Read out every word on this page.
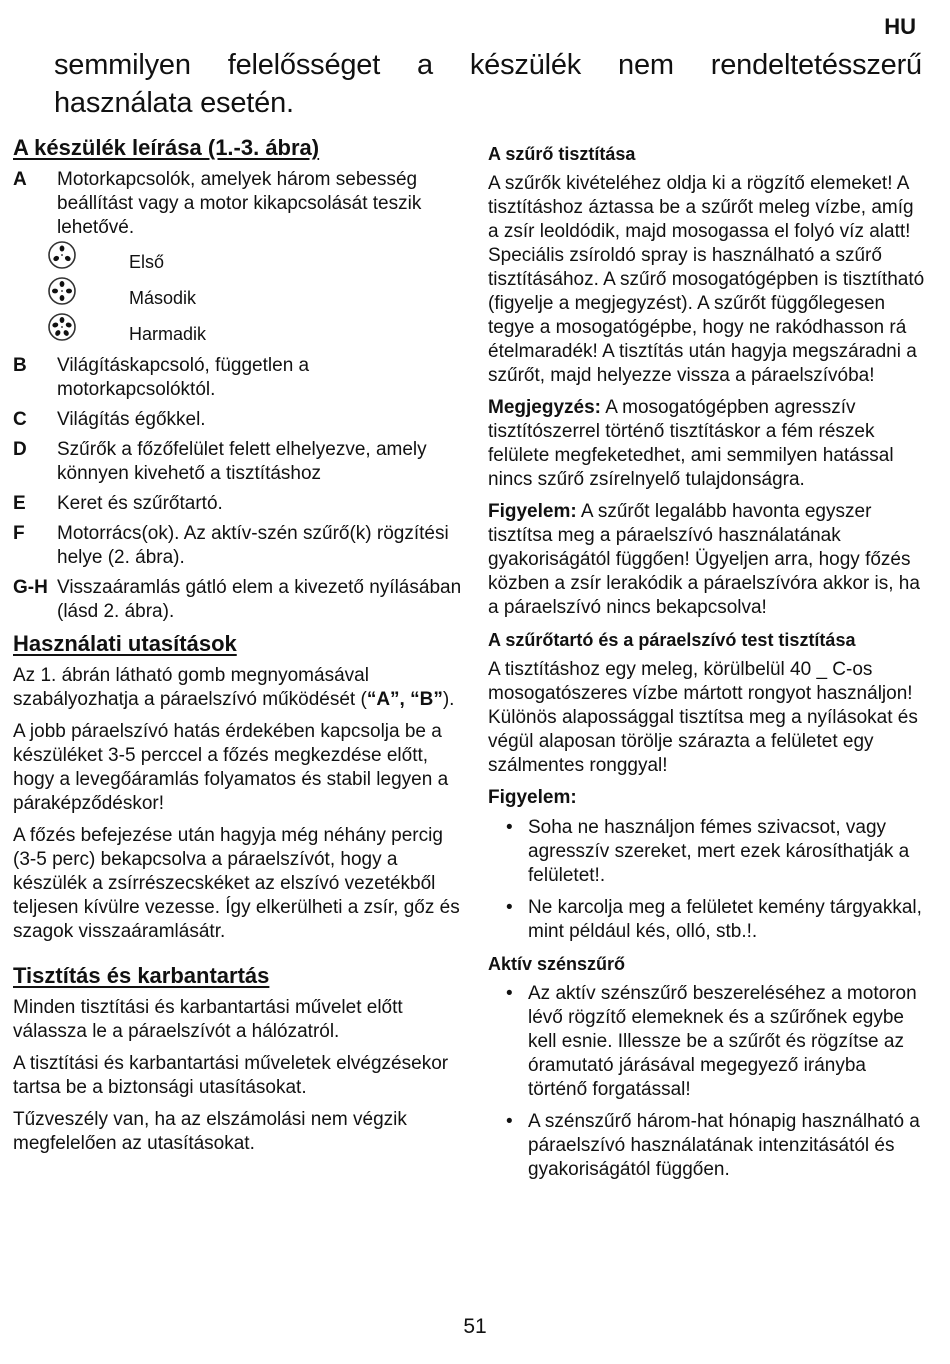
HU
semmilyen felelősséget a készülék nem rendeltetésszerű
használata esetén.
A készülék leírása (1.-3. ábra)
A	Motorkapcsolók, amelyek három sebesség beállítást vagy a motor kikapcsolását teszik lehetővé.
Első
Második
Harmadik
B	Világításkapcsoló, független a motorkapcsolóktól.
C	Világítás égőkkel.
D	Szűrők a főzőfelület felett elhelyezve, amely könnyen kivehető a tisztításhoz
E	Keret és szűrőtartó.
F	Motorrács(ok). Az aktív-szén szűrő(k) rögzítési helye (2. ábra).
G-H Visszaáramlás gátló elem a kivezető nyílásában (lásd 2. ábra).
Használati utasítások

Az 1. ábrán látható gomb megnyomásával szabályozhatja a páraelszívó működését (“A”, “B”).

A jobb páraelszívó hatás érdekében kapcsolja be a készüléket 3-5 perccel a főzés megkezdése előtt, hogy a levegőáramlás folyamatos és stabil legyen a páraképződéskor!

A főzés befejezése után hagyja még néhány percig (3-5 perc) bekapcsolva a páraelszívót, hogy a készülék a zsírrészecskéket az elszívó vezetékből teljesen kívülre vezesse. Így elkerülheti a zsír, gőz és szagok visszaáramlásátr.

Tisztítás és karbantartás

Minden tisztítási és karbantartási művelet előtt válassza le a páraelszívót a hálózatról.

A tisztítási és karbantartási műveletek elvégzésekor tartsa be a biztonsági utasításokat.

Tűzveszély van, ha az elszámolási nem végzik megfelelően az utasításokat.

A szűrő tisztítása

A szűrők kivételéhez oldja ki a rögzítő elemeket! A tisztításhoz áztassa be a szűrőt meleg vízbe, amíg a zsír leoldódik, majd mosogassa el folyó víz alatt! Speciális zsíroldó spray is használható a szűrő tisztításához. A szűrő mosogatógépben is tisztítható (figyelje a megjegyzést). A szűrőt függőlegesen tegye a mosogatógépbe, hogy ne rakódhasson rá ételmaradék! A tisztítás után hagyja megszáradni a szűrőt, majd helyezze vissza a páraelszívóba!

Megjegyzés: A mosogatógépben agresszív tisztítószerrel történő tisztításkor a fém részek felülete megfeketedhet, ami semmilyen hatással nincs szűrő zsírelnyelő tulajdonságra.

Figyelem: A szűrőt legalább havonta egyszer tisztítsa meg a páraelszívó használatának gyakoriságától függően! Ügyeljen arra, hogy főzés közben a zsír lerakódik a páraelszívóra akkor is, ha a páraelszívó nincs bekapcsolva!

A szűrőtartó és a páraelszívó test tisztítása

A tisztításhoz egy meleg, körülbelül 40 _ C-os mosogatószeres vízbe mártott rongyot használjon! Különös alapossággal tisztítsa meg a nyílásokat és végül alaposan törölje szárazta a felületet egy szálmentes ronggyal!

Figyelem:
• Soha ne használjon fémes szivacsot, vagy agresszív szereket, mert ezek károsíthatják a felületet!.
• Ne karcolja meg a felületet kemény tárgyakkal, mint például kés, olló, stb.!.
Aktív szénszűrő
• Az aktív szénszűrő beszereléséhez a motoron lévő rögzítő elemeknek és a szűrőnek egybe kell esnie. Illessze be a szűrőt és rögzítse az óramutató járásával megegyező irányba történő forgatással!
• A szénszűrő három-hat hónapig használható a páraelszívó használatának intenzitásától és gyakoriságától függően.
51
